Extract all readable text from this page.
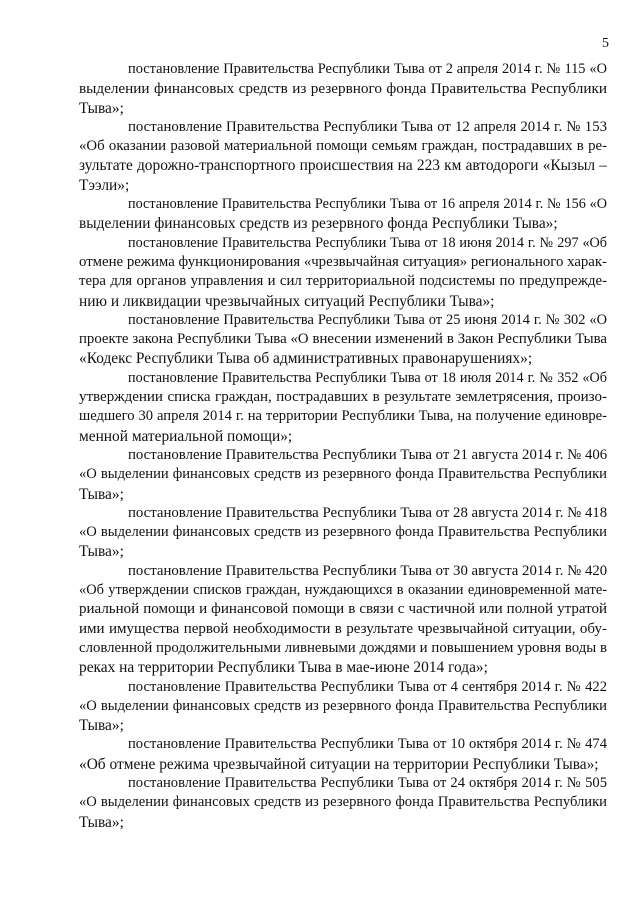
5
постановление Правительства Республики Тыва от 2 апреля 2014 г. № 115 «О
выделении финансовых средств из резервного фонда Правительства Республики
Тыва»;
постановление Правительства Республики Тыва от 12 апреля 2014 г. № 153
«Об оказании разовой материальной помощи семьям граждан, пострадавших в ре-
зультате дорожно-транспортного происшествия на 223 км автодороги «Кызыл –
Тээли»;
постановление Правительства Республики Тыва от 16 апреля 2014 г. № 156 «О
выделении финансовых средств из резервного фонда Республики Тыва»;
постановление Правительства Республики Тыва от 18 июня 2014 г. № 297 «Об
отмене режима функционирования «чрезвычайная ситуация» регионального харак-
тера для органов управления и сил территориальной подсистемы по предупрежде-
нию и ликвидации чрезвычайных ситуаций Республики Тыва»;
постановление Правительства Республики Тыва от 25 июня 2014 г. № 302 «О
проекте закона Республики Тыва «О внесении изменений в Закон Республики Тыва
«Кодекс Республики Тыва об административных правонарушениях»;
постановление Правительства Республики Тыва от 18 июля 2014 г. № 352 «Об
утверждении списка граждан, пострадавших в результате землетрясения, произо-
шедшего 30 апреля 2014 г. на территории Республики Тыва, на получение единовре-
менной материальной помощи»;
постановление Правительства Республики Тыва от 21 августа 2014 г. № 406
«О выделении финансовых средств из резервного фонда Правительства Республики
Тыва»;
постановление Правительства Республики Тыва от 28 августа 2014 г. № 418
«О выделении финансовых средств из резервного фонда Правительства Республики
Тыва»;
постановление Правительства Республики Тыва от 30 августа 2014 г. № 420
«Об утверждении списков граждан, нуждающихся в оказании единовременной мате-
риальной помощи и финансовой помощи в связи с частичной или полной утратой
ими имущества первой необходимости в результате чрезвычайной ситуации, обу-
словленной продолжительными ливневыми дождями и повышением уровня воды в
реках на территории Республики Тыва в мае-июне 2014 года»;
постановление Правительства Республики Тыва от 4 сентября 2014 г. № 422
«О выделении финансовых средств из резервного фонда Правительства Республики
Тыва»;
постановление Правительства Республики Тыва от 10 октября 2014 г. № 474
«Об отмене режима чрезвычайной ситуации на территории Республики Тыва»;
постановление Правительства Республики Тыва от 24 октября 2014 г. № 505
«О выделении финансовых средств из резервного фонда Правительства Республики
Тыва»;
